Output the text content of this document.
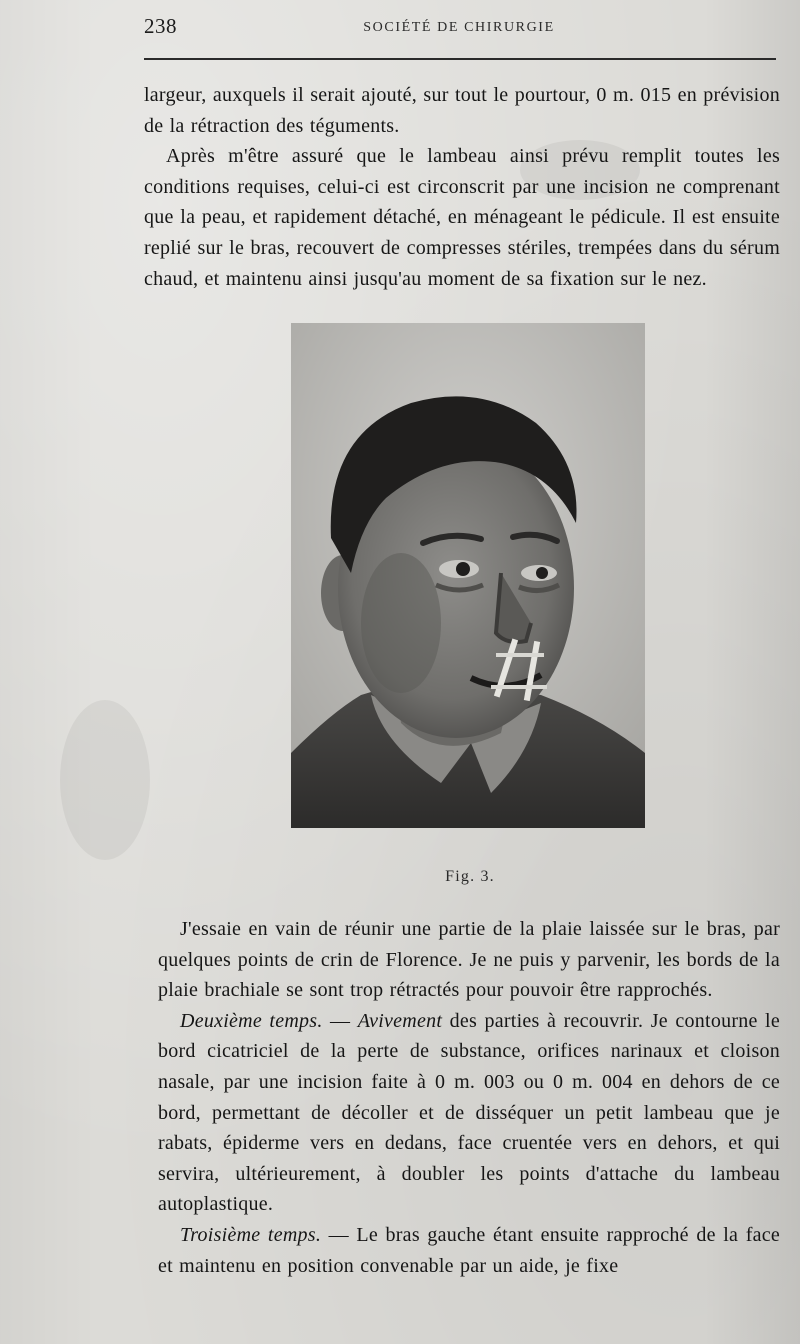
238	SOCIÉTÉ DE CHIRURGIE

largeur, auxquels il serait ajouté, sur tout le pourtour, 0 m. 015 en prévision de la rétraction des téguments.

Après m'être assuré que le lambeau ainsi prévu remplit toutes les conditions requises, celui-ci est circonscrit par une incision ne comprenant que la peau, et rapidement détaché, en ménageant le pédicule. Il est ensuite replié sur le bras, recouvert de compresses stériles, trempées dans du sérum chaud, et maintenu ainsi jusqu'au moment de sa fixation sur le nez.

Fig. 3.

J'essaie en vain de réunir une partie de la plaie laissée sur le bras, par quelques points de crin de Florence. Je ne puis y parvenir, les bords de la plaie brachiale se sont trop rétractés pour pouvoir être rapprochés.

Deuxième temps. — Avivement des parties à recouvrir. Je contourne le bord cicatriciel de la perte de substance, orifices narinaux et cloison nasale, par une incision faite à 0 m. 003 ou 0 m. 004 en dehors de ce bord, permettant de décoller et de disséquer un petit lambeau que je rabats, épiderme vers en dedans, face cruentée vers en dehors, et qui servira, ultérieurement, à doubler les points d'attache du lambeau autoplastique.

Troisième temps. — Le bras gauche étant ensuite rapproché de la face et maintenu en position convenable par un aide, je fixe
